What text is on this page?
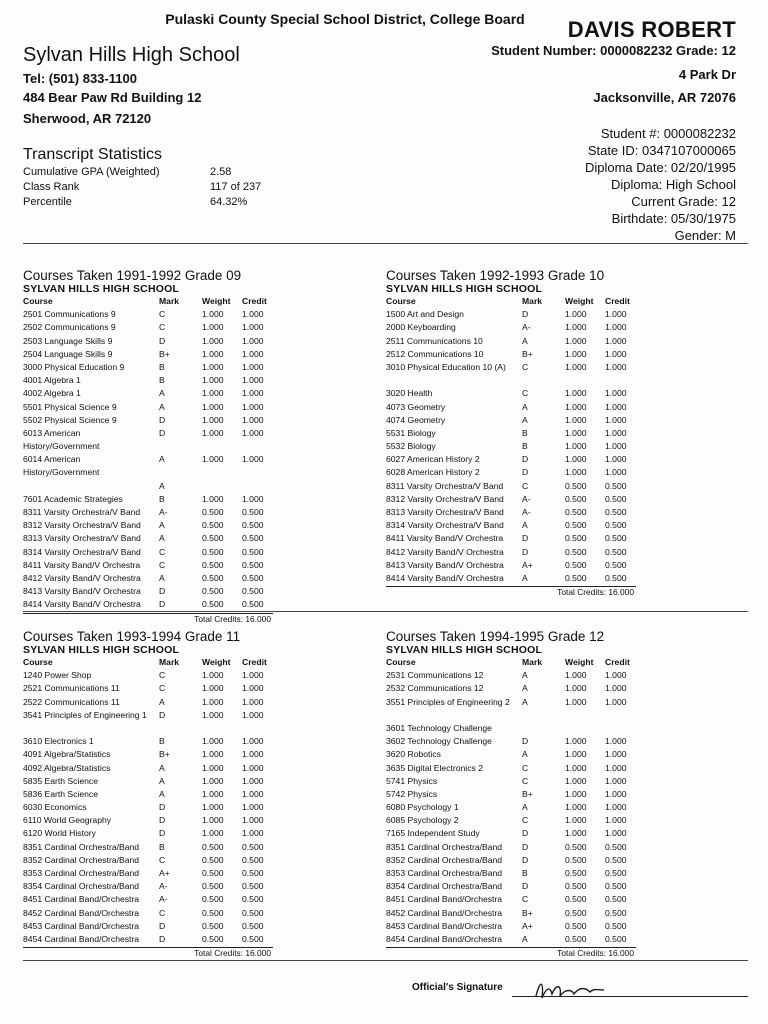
Pulaski County Special School District, College Board	DAVIS ROBERT
Sylvan Hills High School	Student Number: 0000082232 Grade: 12
Tel: (501) 833-1100	4 Park Dr
484 Bear Paw Rd Building 12	Jacksonville, AR 72076
Sherwood, AR 72120
Student #: 0000082232
State ID: 0347107000065
Diploma Date: 02/20/1995
Diploma: High School
Current Grade: 12
Birthdate: 05/30/1975
Gender: M
Transcript Statistics
Cumulative GPA (Weighted)	2.58
Class Rank	117 of 237
Percentile	64.32%
Courses Taken 1991-1992 Grade 09
SYLVAN HILLS HIGH SCHOOL
Course	Mark	Weight Credit
2501 Communications 9	C	1.000 1.000
2502 Communications 9	C	1.000 1.000
2503 Language Skills 9	D	1.000 1.000
2504 Language Skills 9	B+	1.000 1.000
3000 Physical Education 9	B	1.000 1.000
4001 Algebra 1	B	1.000 1.000
4002 Algebra 1	A	1.000 1.000
5501 Physical Science 9	A	1.000 1.000
5502 Physical Science 9	D	1.000 1.000
6013 American History/Government
D	1.000 1.000
6014 American History/Government
A	1.000 1.000
A
7601 Academic Strategies	B	1.000 1.000
8311 Varsity Orchestra/V Band	A-	0.500 0.500
8312 Varsity Orchestra/V Band	A	0.500 0.500
8313 Varsity Orchestra/V Band	A	0.500 0.500
8314 Varsity Orchestra/V Band	C	0.500 0.500
8411 Varsity Band/V Orchestra	C	0.500 0.500
8412 Varsity Band/V Orchestra	A	0.500 0.500
8413 Varsity Band/V Orchestra	D	0.500 0.500
8414 Varsity Band/V Orchestra	D	0.500 0.500
Total Credits: 16.000
Courses Taken 1992-1993 Grade 10
SYLVAN HILLS HIGH SCHOOL
Course	Mark	Weight Credit
1500 Art and Design	D	1.000 1.000
2000 Keyboarding	A-	1.000 1.000
2511 Communications 10	A	1.000 1.000
2512 Communications 10	B+	1.000 1.000
3010 Physical Education 10 (A)	C	1.000 1.000
3020 Health	C	1.000 1.000
4073 Geometry	A	1.000 1.000
4074 Geometry	A	1.000 1.000
5531 Biology	B	1.000 1.000
5532 Biology	B	1.000 1.000
6027 American History 2	D	1.000 1.000
6028 American History 2	D	1.000 1.000
8311 Varsity Orchestra/V Band	C	0.500 0.500
8312 Varsity Orchestra/V Band	A-	0.500 0.500
8313 Varsity Orchestra/V Band	A-	0.500 0.500
8314 Varsity Orchestra/V Band	A	0.500 0.500
8411 Varsity Band/V Orchestra	D	0.500 0.500
8412 Varsity Band/V Orchestra	D	0.500 0.500
8413 Varsity Band/V Orchestra	A+	0.500 0.500
8414 Varsity Band/V Orchestra	A	0.500 0.500
Total Credits: 16.000
Courses Taken 1993-1994 Grade 11
SYLVAN HILLS HIGH SCHOOL
Course	Mark	Weight Credit
1240 Power Shop	C	1.000 1.000
2521 Communications 11	C	1.000 1.000
2522 Communications 11	A	1.000 1.000
3541 Principles of Engineering 1	D	1.000 1.000
3610 Electronics 1	B	1.000 1.000
4091 Algebra/Statistics	B+	1.000 1.000
4092 Algebra/Statistics	A	1.000 1.000
5835 Earth Science	A	1.000 1.000
5836 Earth Science	A	1.000 1.000
6030 Economics	D	1.000 1.000
6110 World Geography	D	1.000 1.000
6120 World History	D	1.000 1.000
8351 Cardinal Orchestra/Band	B	0.500 0.500
8352 Cardinal Orchestra/Band	C	0.500 0.500
8353 Cardinal Orchestra/Band	A+	0.500 0.500
8354 Cardinal Orchestra/Band	A-	0.500 0.500
8451 Cardinal Band/Orchestra	A-	0.500 0.500
8452 Cardinal Band/Orchestra	C	0.500 0.500
8453 Cardinal Band/Orchestra	D	0.500 0.500
8454 Cardinal Band/Orchestra	D	0.500 0.500
Total Credits: 16.000
Courses Taken 1994-1995 Grade 12
SYLVAN HILLS HIGH SCHOOL
Course	Mark	Weight Credit
2531 Communications 12	A	1.000 1.000
2532 Communications 12	A	1.000 1.000
3551 Principles of Engineering 2	A	1.000 1.000
3601 Technology Challenge
3602 Technology Challenge	D	1.000 1.000
3620 Robotics	A	1.000 1.000
3635 Digital Electronics 2	C	1.000 1.000
5741 Physics	C	1.000 1.000
5742 Physics	B+	1.000 1.000
6080 Psychology 1	A	1.000 1.000
6085 Psychology 2	C	1.000 1.000
7165 Independent Study	D	1.000 1.000
8351 Cardinal Orchestra/Band	D	0.500 0.500
8352 Cardinal Orchestra/Band	D	0.500 0.500
8353 Cardinal Orchestra/Band	B	0.500 0.500
8354 Cardinal Orchestra/Band	D	0.500 0.500
8451 Cardinal Band/Orchestra	C	0.500 0.500
8452 Cardinal Band/Orchestra	B+	0.500 0.500
8453 Cardinal Band/Orchestra	A+	0.500 0.500
8454 Cardinal Band/Orchestra	A	0.500 0.500
Total Credits: 16.000
Official's Signature
